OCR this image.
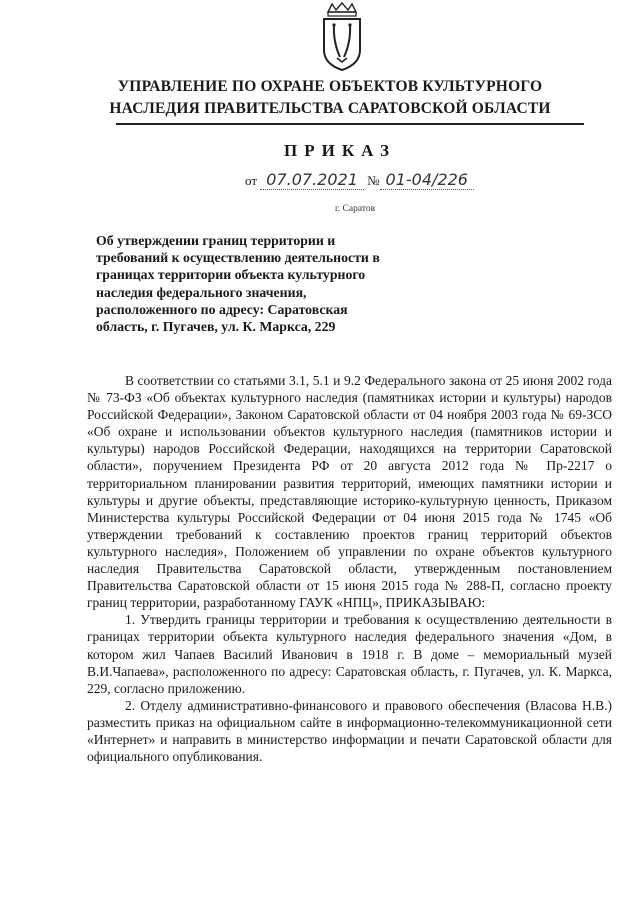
УПРАВЛЕНИЕ ПО ОХРАНЕ ОБЪЕКТОВ КУЛЬТУРНОГО
НАСЛЕДИЯ ПРАВИТЕЛЬСТВА САРАТОВСКОЙ ОБЛАСТИ
ПРИКАЗ
от 07.07.2021 № 01-04/226
г. Саратов
Об утверждении границ территории и требований к осуществлению деятельности в границах территории объекта культурного наследия федерального значения, расположенного по адресу: Саратовская область, г. Пугачев, ул. К. Маркса, 229

В соответствии со статьями 3.1, 5.1 и 9.2 Федерального закона от 25 июня 2002 года № 73-ФЗ «Об объектах культурного наследия (памятниках истории и культуры) народов Российской Федерации», Законом Саратовской области от 04 ноября 2003 года № 69-ЗСО «Об охране и использовании объектов культурного наследия (памятников истории и культуры) народов Российской Федерации, находящихся на территории Саратовской области», поручением Президента РФ от 20 августа 2012 года № Пр-2217 о территориальном планировании развития территорий, имеющих памятники истории и культуры и другие объекты, представляющие историко-культурную ценность, Приказом Министерства культуры Российской Федерации от 04 июня 2015 года № 1745 «Об утверждении требований к составлению проектов границ территорий объектов культурного наследия», Положением об управлении по охране объектов культурного наследия Правительства Саратовской области, утвержденным постановлением Правительства Саратовской области от 15 июня 2015 года № 288-П, согласно проекту границ территории, разработанному ГАУК «НПЦ», ПРИКАЗЫВАЮ:

1. Утвердить границы территории и требования к осуществлению деятельности в границах территории объекта культурного наследия федерального значения «Дом, в котором жил Чапаев Василий Иванович в 1918 г. В доме – мемориальный музей В.И.Чапаева», расположенного по адресу: Саратовская область, г. Пугачев, ул. К. Маркса, 229, согласно приложению.

2. Отделу административно-финансового и правового обеспечения (Власова Н.В.) разместить приказ на официальном сайте в информационно-телекоммуникационной сети «Интернет» и направить в министерство информации и печати Саратовской области для официального опубликования.
